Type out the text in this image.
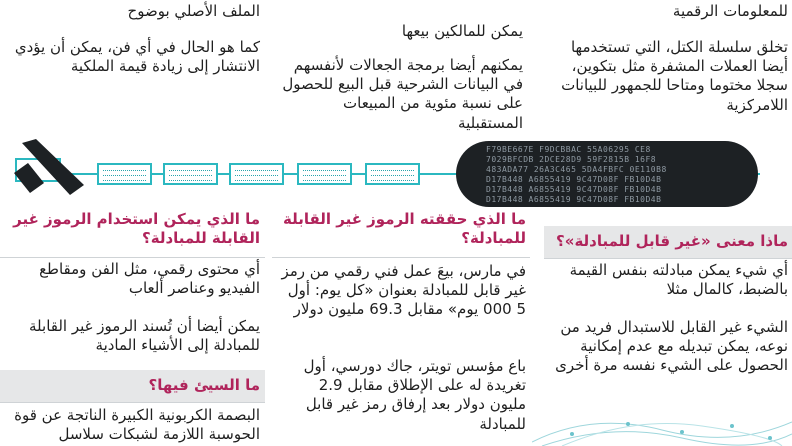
للمعلومات الرقمية
تخلق سلسلة الكتل، التي تستخدمها أيضا العملات المشفرة مثل بتكوين، سجلا مختوما ومتاحا للجمهور للبيانات اللامركزية
ماذا معنى «غير قابل للمبادلة»؟
أي شيء يمكن مبادلته بنفس القيمة بالضبط، كالمال مثلا
الشيء غير القابل للاستبدال فريد من نوعه، يمكن تبديله مع عدم إمكانية الحصول على الشيء نفسه مرة أخرى
يمكن للمالكين بيعها
يمكنهم أيضا برمجة الجعالات لأنفسهم في البيانات الشرحية قبل البيع للحصول على نسبة مئوية من المبيعات المستقبلية
ما الذي حققته الرموز غير القابلة للمبادلة؟
في مارس، بيعَ عمل فني رقمي من رمز غير قابل للمبادلة بعنوان «كل يوم: أول 5 000 يوم» مقابل 69.3 مليون دولار
باع مؤسس تويتر، جاك دورسي، أول تغريدة له على الإطلاق مقابل 2.9 مليون دولار بعد إرفاق رمز غير قابل للمبادلة
الملف الأصلي بوضوح
كما هو الحال في أي فن، يمكن أن يؤدي الانتشار إلى زيادة قيمة الملكية
ما الذي يمكن استخدام الرموز غير القابلة للمبادلة؟
أي محتوى رقمي، مثل الفن ومقاطع الفيديو وعناصر ألعاب
يمكن أيضا أن تُسند الرموز غير القابلة للمبادلة إلى الأشياء المادية
ما السيئ فيها؟
البصمة الكربونية الكبيرة الناتجة عن قوة الحوسبة اللازمة لشبكات سلاسل
F79BE667E F9DCBBAC 55A06295 CE8
7029BFCDB 2DCE28D9 59F2815B 16F8
483ADA77 26A3C465 5DA4FBFC 0E110B8
D17B448 A6855419 9C47D08F FB10D4B
D17B448 A6855419 9C47D08F FB10D4B
D17B448 A6855419 9C47D08F FB10D4B
